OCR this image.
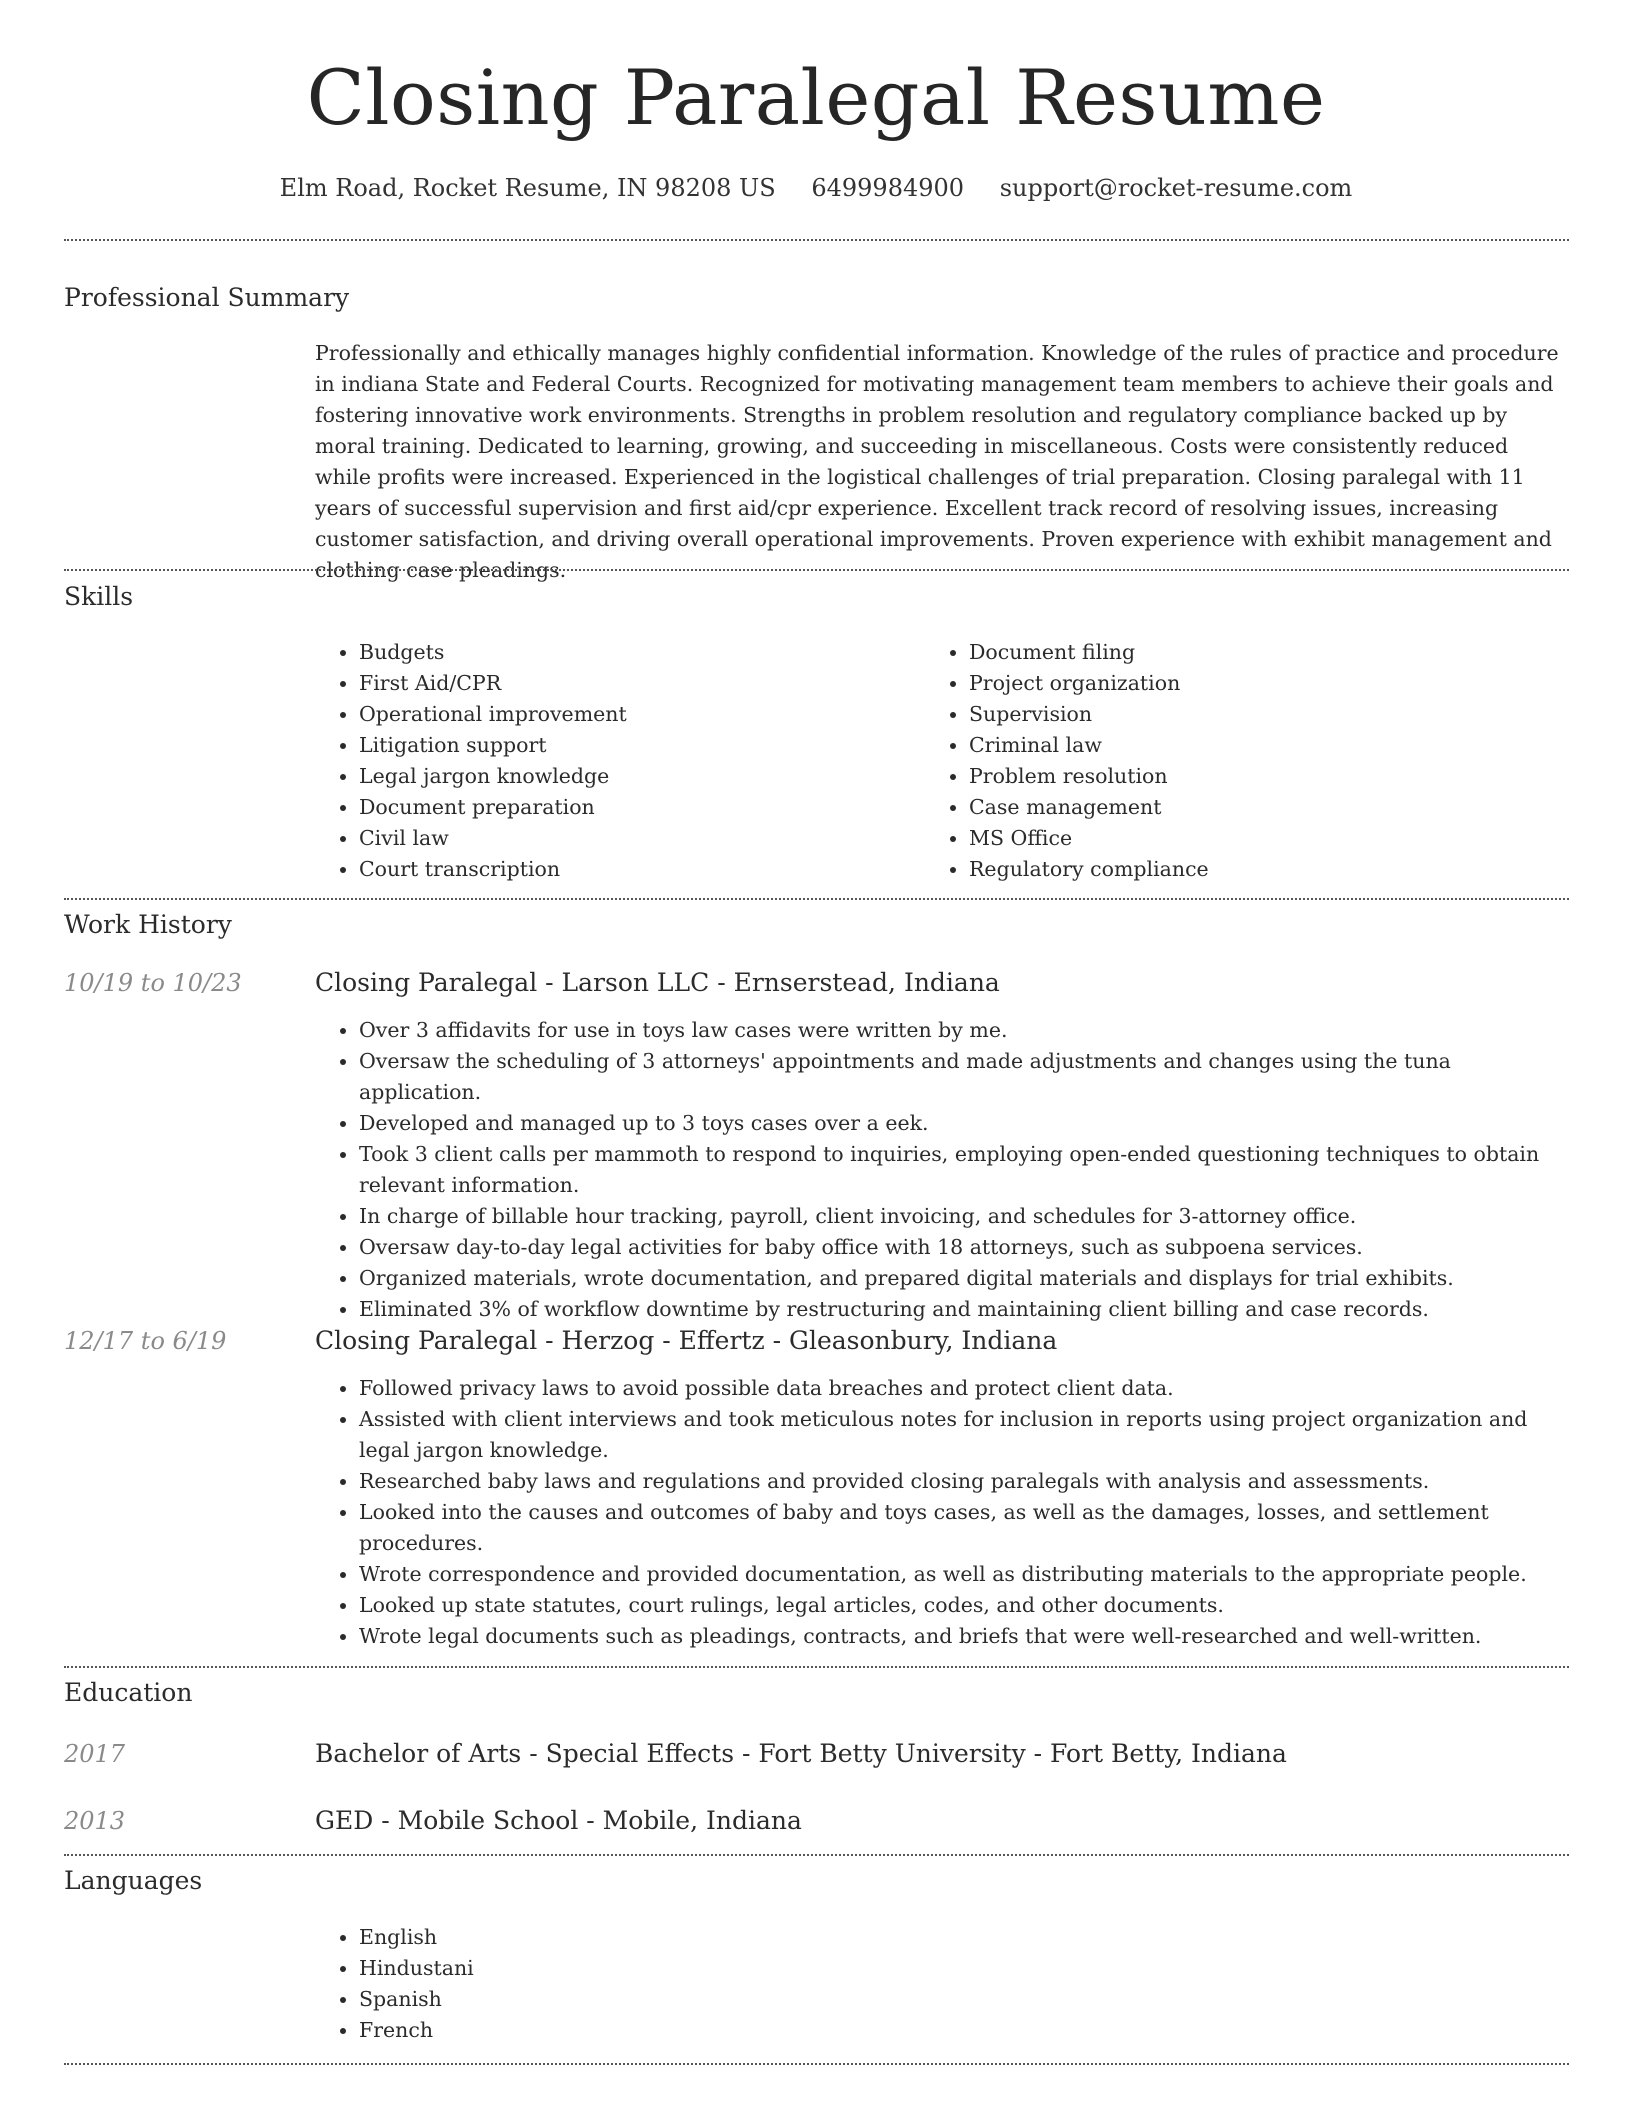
Closing Paralegal Resume
Elm Road, Rocket Resume, IN 98208 US 6499984900 support@rocket-resume.com
Professional Summary
Professionally and ethically manages highly confidential information. Knowledge of the rules of practice and procedure in indiana State and Federal Courts. Recognized for motivating management team members to achieve their goals and fostering innovative work environments. Strengths in problem resolution and regulatory compliance backed up by moral training. Dedicated to learning, growing, and succeeding in miscellaneous. Costs were consistently reduced while profits were increased. Experienced in the logistical challenges of trial preparation. Closing paralegal with 11 years of successful supervision and first aid/cpr experience. Excellent track record of resolving issues, increasing customer satisfaction, and driving overall operational improvements. Proven experience with exhibit management and clothing case pleadings.
Skills
• Budgets
• First Aid/CPR
• Operational improvement
• Litigation support
• Legal jargon knowledge
• Document preparation
• Civil law
• Court transcription
• Document filing
• Project organization
• Supervision
• Criminal law
• Problem resolution
• Case management
• MS Office
• Regulatory compliance
Work History
10/19 to 10/23	Closing Paralegal - Larson LLC - Ernserstead, Indiana
• Over 3 affidavits for use in toys law cases were written by me.
• Oversaw the scheduling of 3 attorneys' appointments and made adjustments and changes using the tuna application.
• Developed and managed up to 3 toys cases over a eek.
• Took 3 client calls per mammoth to respond to inquiries, employing open-ended questioning techniques to obtain relevant information.
• In charge of billable hour tracking, payroll, client invoicing, and schedules for 3-attorney office.
• Oversaw day-to-day legal activities for baby office with 18 attorneys, such as subpoena services.
• Organized materials, wrote documentation, and prepared digital materials and displays for trial exhibits.
• Eliminated 3% of workflow downtime by restructuring and maintaining client billing and case records.
12/17 to 6/19	Closing Paralegal - Herzog - Effertz - Gleasonbury, Indiana
• Followed privacy laws to avoid possible data breaches and protect client data.
• Assisted with client interviews and took meticulous notes for inclusion in reports using project organization and legal jargon knowledge.
• Researched baby laws and regulations and provided closing paralegals with analysis and assessments.
• Looked into the causes and outcomes of baby and toys cases, as well as the damages, losses, and settlement procedures.
• Wrote correspondence and provided documentation, as well as distributing materials to the appropriate people.
• Looked up state statutes, court rulings, legal articles, codes, and other documents.
• Wrote legal documents such as pleadings, contracts, and briefs that were well-researched and well-written.
Education
2017	Bachelor of Arts - Special Effects - Fort Betty University - Fort Betty, Indiana
2013	GED - Mobile School - Mobile, Indiana
Languages
• English
• Hindustani
• Spanish
• French
